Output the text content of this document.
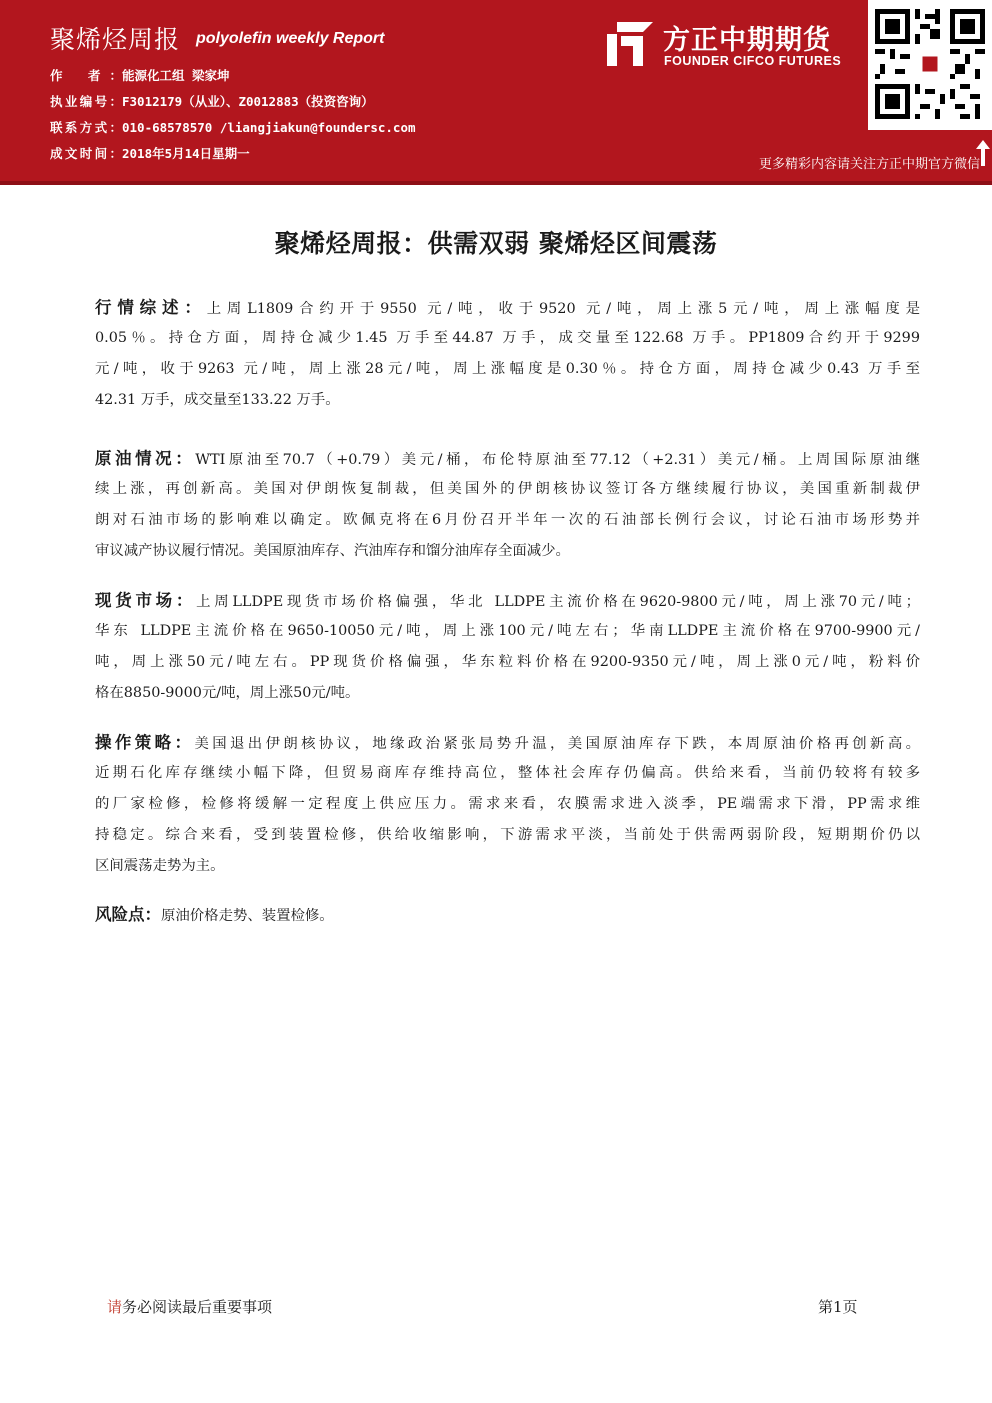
聚烯烃周报 polyolefin weekly Report
作 者：能源化工组 梁家坤
执业编号：F3012179（从业）、Z0012883（投资咨询）
联系方式：010-68578570 /liangjiakun@foundersc.com
成文时间：2018年5月14日星期一
方正中期期货
FOUNDER CIFCO FUTURES
更多精彩内容请关注方正中期官方微信
聚烯烃周报：供需双弱 聚烯烃区间震荡
行情综述：上周L1809合约开于9550 元/吨，收于9520 元/吨，周上涨5元/吨，周上涨幅度是
0.05％。持仓方面，周持仓减少1.45 万手至44.87 万手，成交量至122.68 万手。PP1809合约开于9299
元/吨，收于9263 元/吨，周上涨28元/吨，周上涨幅度是0.30％。持仓方面，周持仓减少0.43 万手至
42.31 万手，成交量至133.22 万手。
原油情况：WTI原油至70.7（+0.79）美元/桶，布伦特原油至77.12（+2.31）美元/桶。上周国际原油继
续上涨，再创新高。美国对伊朗恢复制裁，但美国外的伊朗核协议签订各方继续履行协议，美国重新制裁伊
朗对石油市场的影响难以确定。欧佩克将在6月份召开半年一次的石油部长例行会议，讨论石油市场形势并
审议减产协议履行情况。美国原油库存、汽油库存和馏分油库存全面减少。
现货市场：上周LLDPE现货市场价格偏强，华北 LLDPE主流价格在9620-9800元/吨，周上涨70元/吨；
华东 LLDPE主流价格在9650-10050元/吨，周上涨100元/吨左右；华南LLDPE主流价格在9700-9900元/
吨，周上涨50元/吨左右。PP现货价格偏强，华东粒料价格在9200-9350元/吨，周上涨0元/吨，粉料价
格在8850-9000元/吨，周上涨50元/吨。
操作策略：美国退出伊朗核协议，地缘政治紧张局势升温，美国原油库存下跌，本周原油价格再创新高。
近期石化库存继续小幅下降，但贸易商库存维持高位，整体社会库存仍偏高。供给来看，当前仍较将有较多
的厂家检修，检修将缓解一定程度上供应压力。需求来看，农膜需求进入淡季，PE端需求下滑，PP需求维
持稳定。综合来看，受到装置检修，供给收缩影响，下游需求平淡，当前处于供需两弱阶段，短期期价仍以
区间震荡走势为主。
风险点：原油价格走势、装置检修。
请务必阅读最后重要事项	第1页
